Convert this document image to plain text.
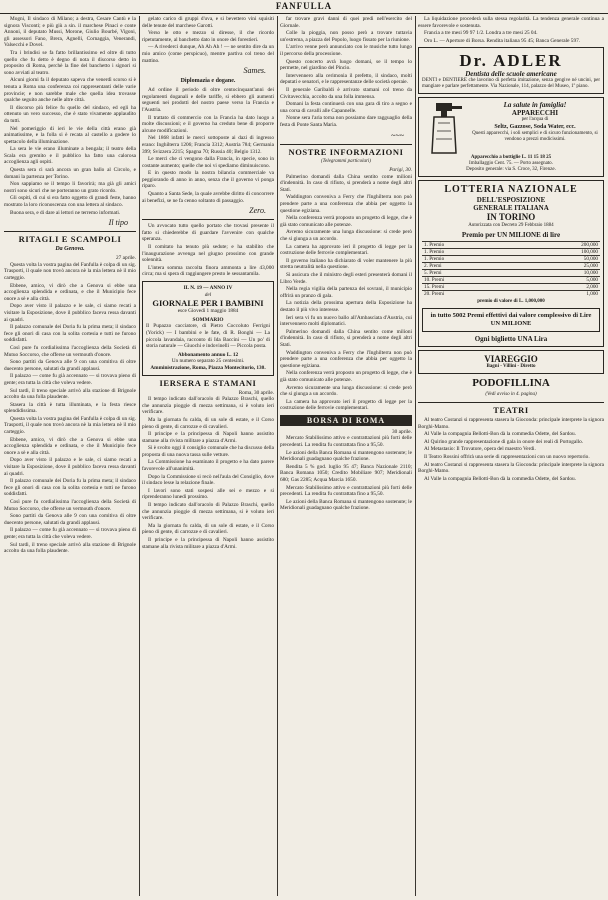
FANFULLA

Mogni, Il sindaco di Milano; a destra, Cesare Cantù e la signora Visconti; e più giù a sin. il marchese Pinaci e conte Annoni, il deputato Mussi, Morone, Giulio Bourbé, Vigoni, gli assessori Fano, Brera, Agnelli, Cornaggia, Venerandi, Valsecchi e Dovel.

Tra i brindisi se fa fatto brillantissimo ed oltre di tutto quello che fu detto è degno di nota il discorso detto in proposito di Roma, perchè la fine del banchetto i signori si sono avviati al teatro.

Alcuni giorni fa il deputato sapeva che venerdì scorso si è tenuta a Roma una conferenza coi rappresentanti delle varie provincie; e non sarebbe male che quella idea trovasse qualche seguito anche nelle altre città.

Il discorso più felice fu quello del sindaco, ed egli ha ottenuto un vero successo, che è stato vivamente applaudito da tutti.

Nel pomeriggio di ieri le vie della città erano già animatissime, e la folla si è recata al castello a godere lo spettacolo della illuminazione.

La sera le vie erano illuminate a bengala; il teatro della Scala era gremito e il pubblico ha fatto una calorosa accoglienza agli ospiti.

Questa sera ci sarà ancora un gran ballo al Circolo, e domani la partenza per Torino.

Non sappiamo se il tempo li favorirà; ma già gli amici nostri sono sicuri che ne porteranno un grato ricordo.

Gli ospiti, di cui si era fatto oggetto di grandi feste, hanno mostrato la loro riconoscenza con una lettera al sindaco.

Buona sera, e di dare ai lettori ne terremo informati.

Il tipo
RITAGLI E SCAMPOLI
Da Genova.
27 aprile.

Questa volta la vostra pagina del Fanfulla è colpa di un sig. Trasporti, il quale non trovò ancora nè la mia lettera nè il mio carteggio.

Ebbene, amico, vi dirò che a Genova si ebbe una accoglienza splendida e ordinata, e che il Municipio fece onore a sè e alla città.

Dopo aver visto il palazzo e le sale, ci siamo recati a visitare la Esposizione, dove il pubblico faceva ressa davanti ai quadri.

Il palazzo comunale dei Doria fu la prima meta; il sindaco fece gli onori di casa con la solita cortesia e tutti ne furono soddisfatti.

Così pure fu cordialissima l'accoglienza della Società di Mutuo Soccorso, che offerse un vermouth d'onore.

Sono partiti da Genova alle 9 con una comitiva di oltre duecento persone, salutati da grandi applausi.

Il palazzo — come fu già accennato — si trovava pieno di gente; era tutta la città che voleva vedere.

Sul tardi, il treno speciale arrivò alla stazione di Brignole accolto da una folla plaudente.

Stasera la città è tutta illuminata, e la festa riesce splendidissima.

Questa volta la vostra pagina del Fanfulla è colpa di un sig. Trasporti, il quale non trovò ancora nè la mia lettera nè il mio carteggio.

Ebbene, amico, vi dirò che a Genova si ebbe una accoglienza splendida e ordinata, e che il Municipio fece onore a sè e alla città.

Dopo aver visto il palazzo e le sale, ci siamo recati a visitare la Esposizione, dove il pubblico faceva ressa davanti ai quadri.

Il palazzo comunale dei Doria fu la prima meta; il sindaco fece gli onori di casa con la solita cortesia e tutti ne furono soddisfatti.

Così pure fu cordialissima l'accoglienza della Società di Mutuo Soccorso, che offerse un vermouth d'onore.

Sono partiti da Genova alle 9 con una comitiva di oltre duecento persone, salutati da grandi applausi.

Il palazzo — come fu già accennato — si trovava pieno di gente; era tutta la città che voleva vedere.

Sul tardi, il treno speciale arrivò alla stazione di Brignole accolto da una folla plaudente.

gelato carico di gruppi d'uva, e si bevettero vini squisiti delle tenute del marchese Garotti.

Verso le otto e mezzo si diresse, il che ricordo ripetutamente, al banchetto dato in onore dei forestieri.

— A rivederci dunque, Ah Ah Ah ! — ne sentito dire da un mio amico (come perspicuo), mentre partiva col treno del mattino.

Sames.
Diplomazia e dogane.

Ad ordine il periodo di oltre centocinquant'anni dei regolamenti doganali e delle tariffe, si ebbero gli aumenti seguenti nei prodotti del nostro paese verso la Francia e l'Austria.

Il trattato di commercio con la Francia ha dato luogo a molte discussioni; e il governo ha creduto bene di proporre alcune modificazioni.

Nel 1868 infatti le merci sottoposte ai dazi di ingresso erano: Inghilterra 1206; Francia 3312; Austria 784; Germania 399; Svizzera 2215; Spagna 70; Russia 40; Belgio 1312.

Le merci che ci vengono dalla Francia, in specie, sono in costante aumento; quelle che noi vi spediamo diminuiscono.

E in questo modo la nostra bilancia commerciale va peggiorando di anno in anno, senza che il governo vi ponga riparo.

Quanto a Santa Sede, la quale avrebbe diritto di concorrere ai benefizi, se ne fa cenno soltanto di passaggio.

Zero.

Un avvocato tutto quello portato che trovasi presente il fatto si chiederebbe di guardare l'avvenire con qualche speranza.

Il comitato ha tenuto più sedute; e ha stabilito che l'inaugurazione avvenga nel giugno prossimo con grande solennità.

L'intera somma raccolta finora ammonta a lire 43,000 circa; ma si spera di raggiungere presto le sessantamila.

IL N. 19 — ANNO IV
del
GIORNALE PER I BAMBINI
esce Giovedì 1 maggio 1884
SOMMARIO
Il Pupazzo cacciatore, di Pietro Coccoluto Ferrigni (Yorick) — I bambini e le fate, di R. Bonghi — La piccola lavandaia, racconto di Ida Baccini — Un po' di storia naturale — Giuochi e indovinelli — Piccola posta.
Abbonamento annuo L. 12
Un numero separato 25 centesimi.
Amministrazione, Roma, Piazza Montecitorio, 130.
IERSERA E STAMANI
Roma, 30 aprile.

Il tempo indicato dall'oracolo di Palazzo Braschi, quello che annunzia pioggie di mezza settimana, si è voluto ieri verificare.

Ma la giornata fu calda, di un sole di estate, e il Corso pieno di gente, di carrozze e di cavalieri.

Il principe e la principessa di Napoli hanno assistito stamane alla rivista militare a piazza d'Armi.

Si è svolto oggi il consiglio comunale che ha discusso della proposta di una nuova tassa sulle vetture.

La Commissione ha esaminato il progetto e ha dato parere favorevole all'unanimità.

Dopo la Commissione si recò nell'aula del Consiglio, dove il sindaco lesse la relazione finale.

I lavori sono stati sospesi alle sei e mezzo e si riprenderanno lunedì prossimo.

Il tempo indicato dall'oracolo di Palazzo Braschi, quello che annunzia pioggie di mezza settimana, si è voluto ieri verificare.

Ma la giornata fu calda, di un sole di estate, e il Corso pieno di gente, di carrozze e di cavalieri.

Il principe e la principessa di Napoli hanno assistito stamane alla rivista militare a piazza d'Armi.

far trovare gravi danni di quei predi nell'esercito del Giornale.

Colle la pioggia, non posso però a trovare tuttavia un'estrema, a piazza del Popolo, luogo fissato per la riunione.

L'arrivo venne però annunciato con le musiche tutto lungo il percorso della processione.

Questo concerto avrà luogo domani, se il tempo lo permette, nel giardino del Pincio.

Intervennero alla cerimonia il prefetto, il sindaco, molti deputati e senatori, e le rappresentanze delle società operaie.

Il generale Garibaldi è arrivato stamani col treno da Civitavecchia, accolto da una folla immensa.

Domani la festa continuerà con una gara di tiro a segno e una corsa di cavalli alle Capannelle.

Nonne sera l'aria torna non possiamo dare ragguaglio della festa di Ponte Santa Maria.

~~~
NOSTRE INFORMAZIONI
(Telegrammi particolari)
Parigi, 30.

Palmerino domandi dalla China sentito come milioni d'indennità. In caso di rifiuto, si prenderà a nome degli altri Stati.

Waddington conveniva a Ferry che l'Inghilterra non può prendere parte a una conferenza che abbia per oggetto la questione egiziana.

Nella conferenza verrà proposto un progetto di legge, che è già stato comunicato alle potenze.

Avremo sicuramente una lunga discussione: si crede però che si giunga a un accordo.

La camera ha approvato ieri il progetto di legge per la costruzione delle ferrovie complementari.

Il governo italiano ha dichiarato di voler mantenere la più stretta neutralità nella questione.

Si assicura che il ministro degli esteri presenterà domani il Libro Verde.

Nella regia vigilia della partenza dei sovrani, il municipio offrirà un pranzo di gala.

La notizia della prossima apertura della Esposizione ha destato il più vivo interesse.

Ieri sera vi fu un nuovo ballo all'Ambasciata d'Austria, cui intervennero molti diplomatici.

Palmerino domandi dalla China sentito come milioni d'indennità. In caso di rifiuto, si prenderà a nome degli altri Stati.

Waddington conveniva a Ferry che l'Inghilterra non può prendere parte a una conferenza che abbia per oggetto la questione egiziana.

Nella conferenza verrà proposto un progetto di legge, che è già stato comunicato alle potenze.

Avremo sicuramente una lunga discussione: si crede però che si giunga a un accordo.

La camera ha approvato ieri il progetto di legge per la costruzione delle ferrovie complementari.

BORSA DI ROMA
30 aprile.

Mercato Stabilissimo attivo e contrattazioni più forti delle precedenti. La rendita fu contrattata fino a 95,50.

Le azioni della Banca Romana si mantengono sostenute; le Meridionali guadagnano qualche frazione.

Rendita 5 % god. luglio 95 47; Banca Nazionale 2110; Banca Romana 1050; Credito Mobiliare 907; Meridionali 680; Gas 2285; Acqua Marcia 1650.

Mercato Stabilissimo attivo e contrattazioni più forti delle precedenti. La rendita fu contrattata fino a 95,50.

Le azioni della Banca Romana si mantengono sostenute; le Meridionali guadagnano qualche frazione.

La liquidazione procederà sulla stessa regolarità. La tendenza generale continua a essere favorevole e sostenuta.

Francia a tre mesi 99 97 1/2. Londra a tre mesi 25 04.

Oro L. — Aperture di Borsa. Rendita italiana 95 45; Banca Generale 597.

Dr. ADLER
Dentista delle scuole americane
DENTI e DENTIERE che lavorino di perfetta imitazione, senza gengive né uncini, per mangiare e parlare perfettamente. Via Nazionale, 114, palazzo del Museo, 1º piano.
La salute in famiglia!
APPARECCHI
per l'acqua di
Seltz, Gazzose, Soda Water, ecc.
Questi apparecchi, i soli semplici e di sicuro funzionamento, si vendono a prezzi modicissimi.
Apparecchio a bottiglie L. 11 15 18 25
Imballaggio Cent. 75. — Porto assegnato.
Deposito generale: via S. Croce, 32, Firenze.
LOTTERIA NAZIONALE
DELL'ESPOSIZIONE
GENERALE ITALIANA
IN TORINO
Autorizzata con Decreto 29 Febbraio 1884
Premio per UN MILIONE di lire
1. Premio	200,000
1. Premio	100,000
1. Premio	50,000
2. Premi	25,000
5. Premi	10,000
10. Premi	5,000
15. Premi	2,000
20. Premi	1,000
premio di valore di L. 1,000,000
in tutto 5002 Premi effettivi dai valore complessivo di Lire UN MILIONE
Ogni biglietto UNA Lira
VIAREGGIO
Bagni - Villini - Diretto
PODOFILLINA
(Vedi avviso in 4. pagina)
TEATRI

Al teatro Costanzi si rappresenta stasera la Gioconda: principale interprete la signora Borghi-Mamo.

Al Valle la compagnia Bellotti-Bon dà la commedia Odette, del Sardou.

Al Quirino grande rappresentazione di gala in onore dei reali di Portogallo.

Al Metastasio: Il Trovatore, opera del maestro Verdi.

Il Teatro Rossini offrirà una serie di rappresentazioni con un nuovo repertorio.

Al teatro Costanzi si rappresenta stasera la Gioconda: principale interprete la signora Borghi-Mamo.

Al Valle la compagnia Bellotti-Bon dà la commedia Odette, del Sardou.
